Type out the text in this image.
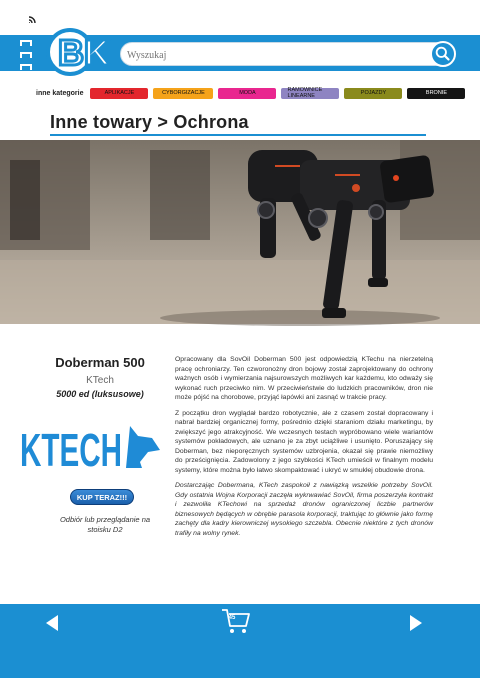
BK
Wyszukaj
inne kategorie	APLIKACJE	CYBORGIZACJE	MODA	RAMOWNICE LINEARNE	POJAZDY	BRONIE
Inne towary > Ochrona
Doberman 500
KTech
5000 ed (luksusowe)
KTECH
KUP TERAZ!!!
Odbiór lub przeglądanie na stoisku D2

Opracowany dla SovOil Doberman 500 jest odpowiedzią KTechu na nierzetelną pracę ochroniarzy. Ten czworonożny dron bojowy został zaprojektowany do ochrony ważnych osób i wymierzania najsurowszych możliwych kar każdemu, kto odważy się wykonać ruch przeciwko nim. W przeciwieństwie do ludzkich pracowników, dron nie może pójść na chorobowe, przyjąć łapówki ani zasnąć w trakcie pracy.

Z początku dron wyglądał bardzo robotycznie, ale z czasem został dopracowany i nabrał bardziej organicznej formy, pośrednio dzięki staraniom działu marketingu, by zwiększyć jego atrakcyjność. We wczesnych testach wypróbowano wiele wariantów systemów pokładowych, ale uznano je za zbyt uciążliwe i usunięto. Poruszający się Doberman, bez nieporęcznych systemów uzbrojenia, okazał się prawie niemożliwy do prześcignięcia. Zadowolony z jego szybkości KTech umieścił w finalnym modelu systemy, które można było łatwo skompaktować i ukryć w smukłej obudowie drona.

Dostarczając Dobermana, KTech zaspokoił z nawiązką wszelkie potrzeby SovOil. Gdy ostatnia Wojna Korporacji zaczęła wykrwawiać SovOil, firma poszerzyła kontrakt i zezwoliła KTechowi na sprzedaż dronów ograniczonej liczbie partnerów biznesowych będących w obrębie parasola korporacji, traktując to głównie jako formę zachęty dla kadry kierowniczej wysokiego szczebla. Obecnie niektóre z tych dronów trafiły na wolny rynek.

45
